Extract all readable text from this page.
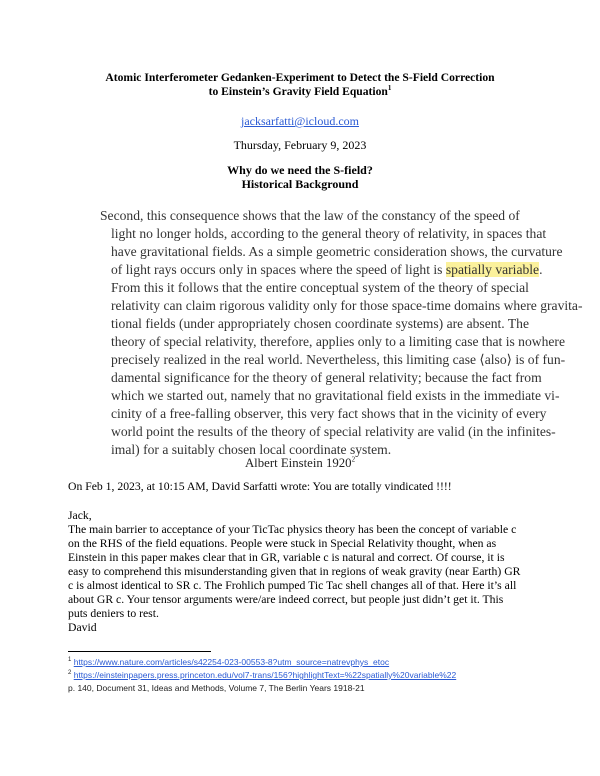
Atomic Interferometer Gedanken-Experiment to Detect the S-Field Correction
to Einstein’s Gravity Field Equation$^1$
jacksarfatti@icloud.com
Thursday, February 9, 2023
Why do we need the S-field?
Historical Background
Second, this consequence shows that the law of the constancy of the speed of
light no longer holds, according to the general theory of relativity, in spaces that
have gravitational fields. As a simple geometric consideration shows, the curvature
of light rays occurs only in spaces where the speed of light is spatially variable.
From this it follows that the entire conceptual system of the theory of special
relativity can claim rigorous validity only for those space-time domains where gravita-
tional fields (under appropriately chosen coordinate systems) are absent. The
theory of special relativity, therefore, applies only to a limiting case that is nowhere
precisely realized in the real world. Nevertheless, this limiting case ⟨also⟩ is of fun-
damental significance for the theory of general relativity; because the fact from
which we started out, namely that no gravitational field exists in the immediate vi-
cinity of a free-falling observer, this very fact shows that in the vicinity of every
world point the results of the theory of special relativity are valid (in the infinites-
imal) for a suitably chosen local coordinate system.
Albert Einstein 1920$^2$
On Feb 1, 2023, at 10:15 AM, David Sarfatti wrote: You are totally vindicated !!!!
Jack,
The main barrier to acceptance of your TicTac physics theory has been the concept of variable c
on the RHS of the field equations. People were stuck in Special Relativity thought, when as
Einstein in this paper makes clear that in GR, variable c is natural and correct. Of course, it is
easy to comprehend this misunderstanding given that in regions of weak gravity (near Earth) GR
c is almost identical to SR c. The Frohlich pumped Tic Tac shell changes all of that. Here it’s all
about GR c. Your tensor arguments were/are indeed correct, but people just didn’t get it. This
puts deniers to rest.
David
$^1$ https://www.nature.com/articles/s42254-023-00553-8?utm_source=natrevphys_etoc
$^2$ https://einsteinpapers.press.princeton.edu/vol7-trans/156?highlightText=%22spatially%20variable%22
p. 140, Document 31, Ideas and Methods, Volume 7, The Berlin Years 1918-21
